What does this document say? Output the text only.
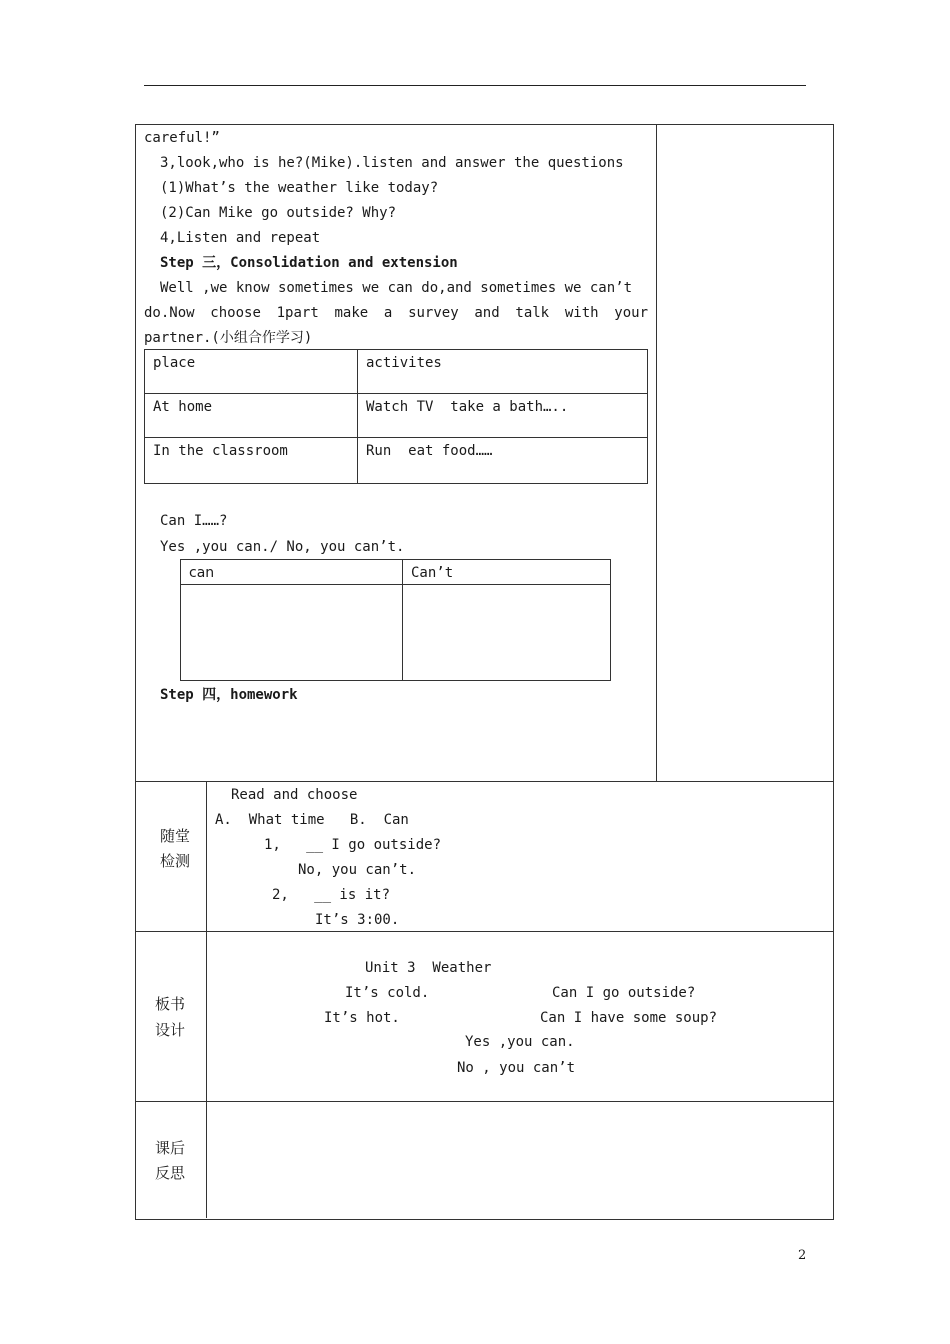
careful!”
3,look,who is he?(Mike).listen and answer the questions
(1)What’s the weather like today?
(2)Can Mike go outside? Why?
4,Listen and repeat
Step 三，Consolidation and extension
Well ,we know sometimes we can do,and sometimes we can’t
do.Now choose 1part make a survey and talk with your
partner.(小组合作学习)
place	activites
At home	Watch TV  take a bath…..
In the classroom	Run  eat food……
Can I……?
Yes ,you can./ No, you can’t.
can	Can’t
Step 四，homework
随堂
检测
Read and choose
A.  What time   B.  Can
1,   __ I go outside?
No, you can’t.
2,   __ is it?
It’s 3:00.
板书
设计
Unit 3  Weather
It’s cold.
It’s hot.
Can I go outside?
Can I have some soup?
Yes ,you can.
No , you can’t
课后
反思
2
